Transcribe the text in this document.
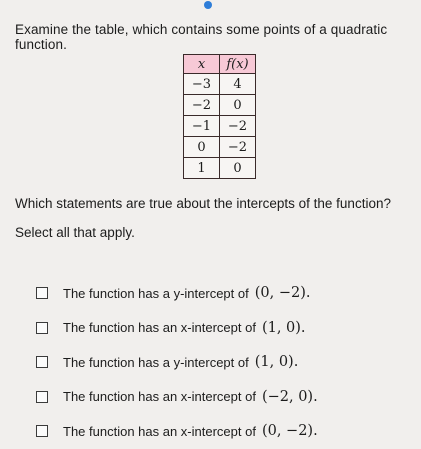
Examine the table, which contains some points of a quadratic function.
x	f(x)
−3	4
−2	0
−1	−2
0	−2
1	0
Which statements are true about the intercepts of the function?
Select all that apply.
The function has a y-intercept of (0, −2).
The function has an x-intercept of (1, 0).
The function has a y-intercept of (1, 0).
The function has an x-intercept of (−2, 0).
The function has an x-intercept of (0, −2).
